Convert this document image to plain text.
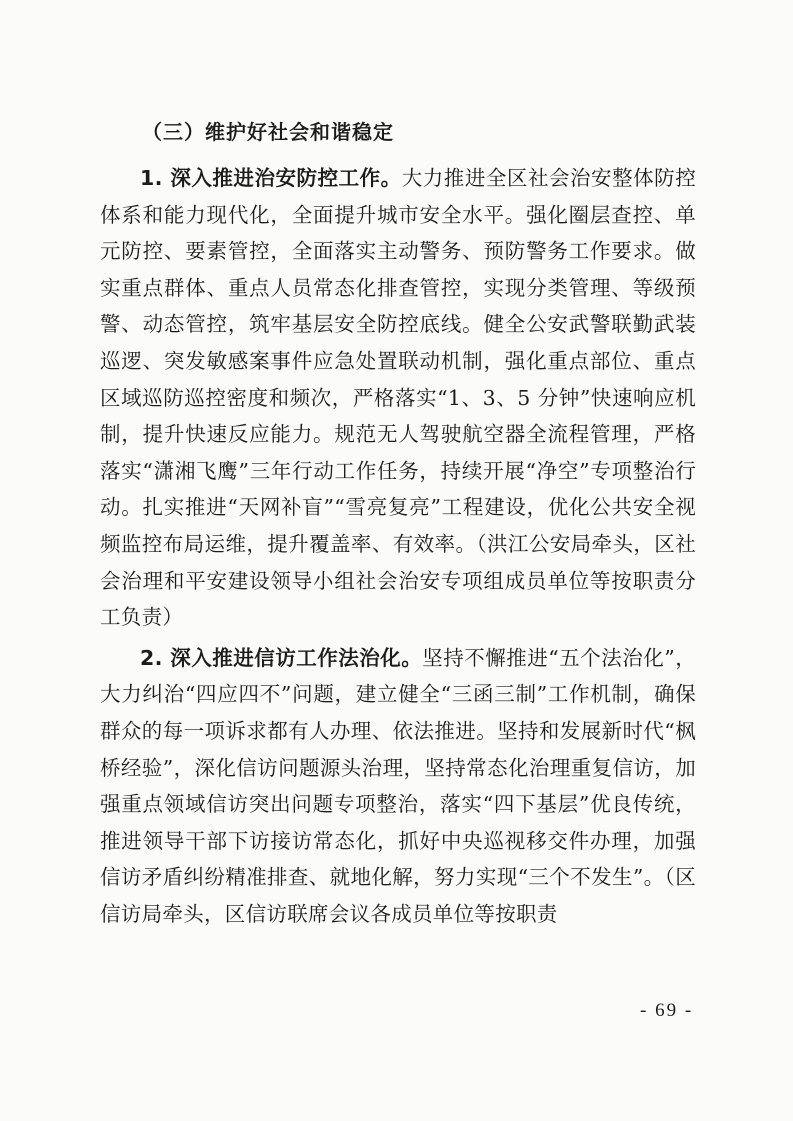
（三）维护好社会和谐稳定

1. 深入推进治安防控工作。大力推进全区社会治安整体防控体系和能力现代化，全面提升城市安全水平。强化圈层查控、单元防控、要素管控，全面落实主动警务、预防警务工作要求。做实重点群体、重点人员常态化排查管控，实现分类管理、等级预警、动态管控，筑牢基层安全防控底线。健全公安武警联勤武装巡逻、突发敏感案事件应急处置联动机制，强化重点部位、重点区域巡防巡控密度和频次，严格落实“1、3、5 分钟”快速响应机制，提升快速反应能力。规范无人驾驶航空器全流程管理，严格落实“潇湘飞鹰”三年行动工作任务，持续开展“净空”专项整治行动。扎实推进“天网补盲”“雪亮复亮”工程建设，优化公共安全视频监控布局运维，提升覆盖率、有效率。（洪江公安局牵头，区社会治理和平安建设领导小组社会治安专项组成员单位等按职责分工负责）

2. 深入推进信访工作法治化。坚持不懈推进“五个法治化”，大力纠治“四应四不”问题，建立健全“三函三制”工作机制，确保群众的每一项诉求都有人办理、依法推进。坚持和发展新时代“枫桥经验”，深化信访问题源头治理，坚持常态化治理重复信访，加强重点领域信访突出问题专项整治，落实“四下基层”优良传统，推进领导干部下访接访常态化，抓好中央巡视移交件办理，加强信访矛盾纠纷精准排查、就地化解，努力实现“三个不发生”。（区信访局牵头，区信访联席会议各成员单位等按职责

- 69 -
